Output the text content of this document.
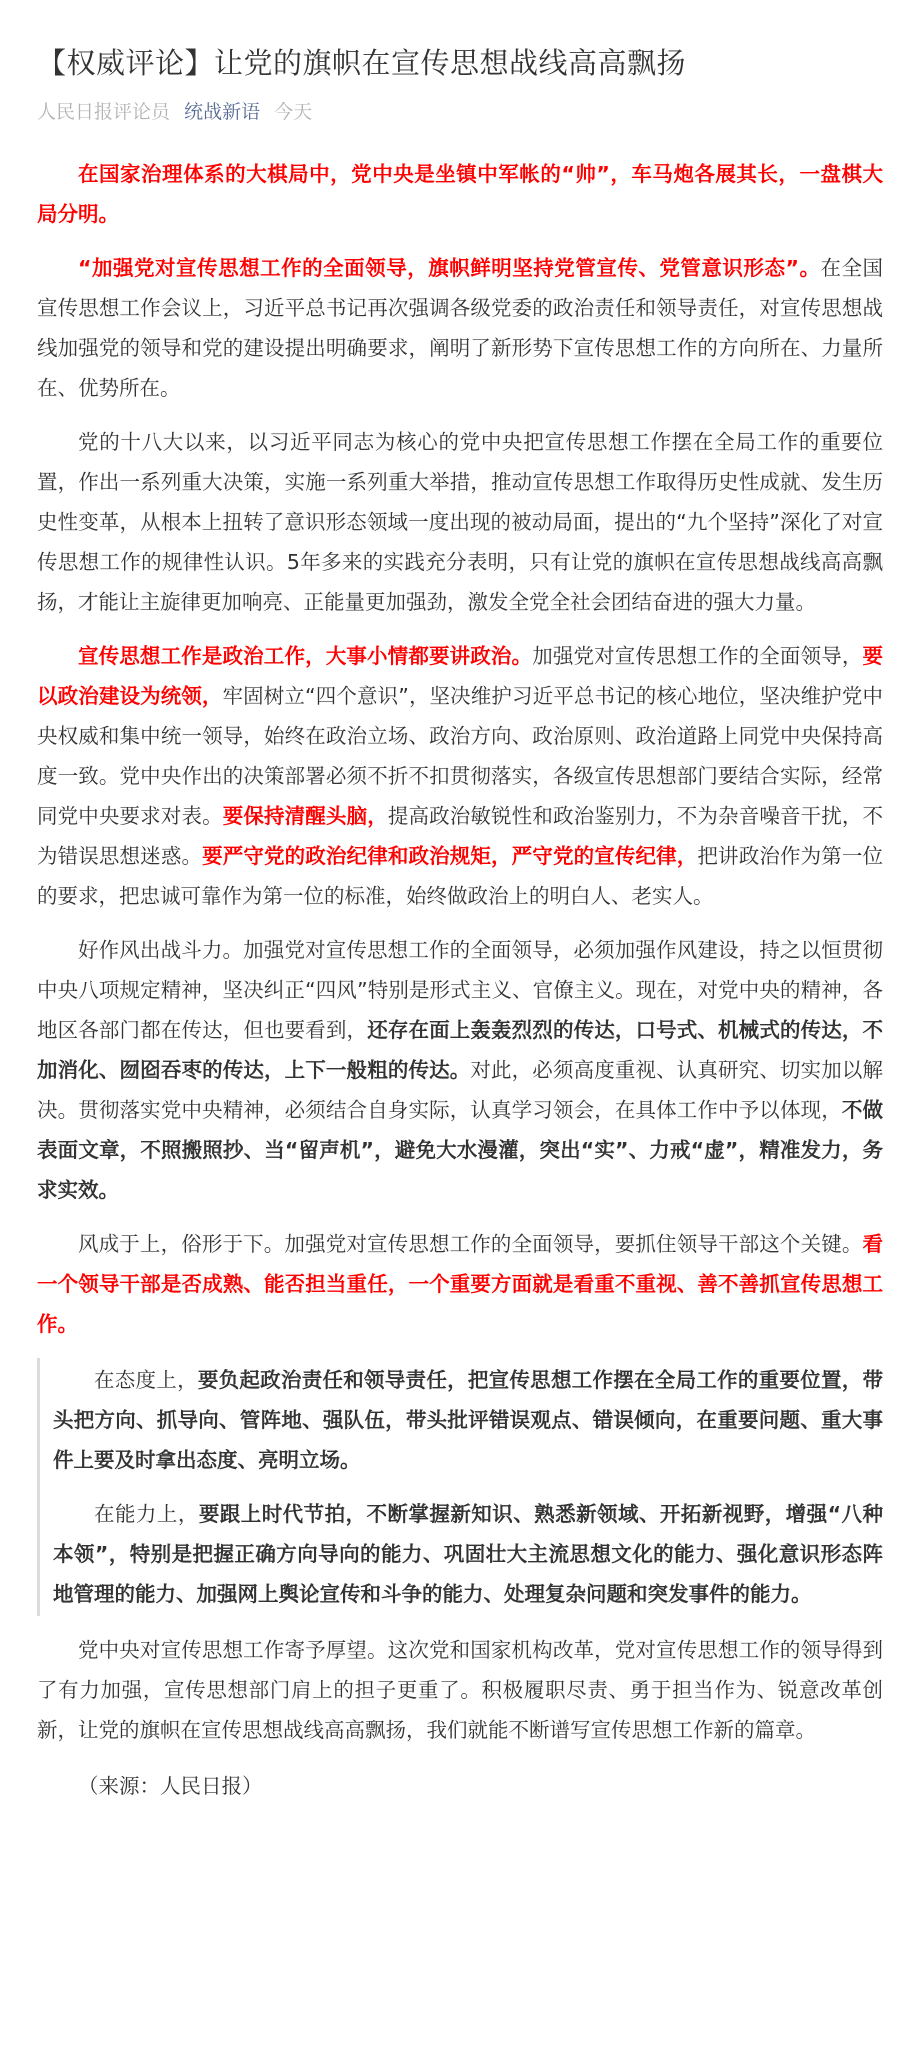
【权威评论】让党的旗帜在宣传思想战线高高飘扬
人民日报评论员 统战新语 今天

在国家治理体系的大棋局中，党中央是坐镇中军帐的“帅”，车马炮各展其长，一盘棋大局分明。

“加强党对宣传思想工作的全面领导，旗帜鲜明坚持党管宣传、党管意识形态”。在全国宣传思想工作会议上，习近平总书记再次强调各级党委的政治责任和领导责任，对宣传思想战线加强党的领导和党的建设提出明确要求，阐明了新形势下宣传思想工作的方向所在、力量所在、优势所在。

党的十八大以来，以习近平同志为核心的党中央把宣传思想工作摆在全局工作的重要位置，作出一系列重大决策，实施一系列重大举措，推动宣传思想工作取得历史性成就、发生历史性变革，从根本上扭转了意识形态领域一度出现的被动局面，提出的“九个坚持”深化了对宣传思想工作的规律性认识。5年多来的实践充分表明，只有让党的旗帜在宣传思想战线高高飘扬，才能让主旋律更加响亮、正能量更加强劲，激发全党全社会团结奋进的强大力量。

宣传思想工作是政治工作，大事小情都要讲政治。加强党对宣传思想工作的全面领导，要以政治建设为统领，牢固树立“四个意识”，坚决维护习近平总书记的核心地位，坚决维护党中央权威和集中统一领导，始终在政治立场、政治方向、政治原则、政治道路上同党中央保持高度一致。党中央作出的决策部署必须不折不扣贯彻落实，各级宣传思想部门要结合实际，经常同党中央要求对表。要保持清醒头脑，提高政治敏锐性和政治鉴别力，不为杂音噪音干扰，不为错误思想迷惑。要严守党的政治纪律和政治规矩，严守党的宣传纪律，把讲政治作为第一位的要求，把忠诚可靠作为第一位的标准，始终做政治上的明白人、老实人。

好作风出战斗力。加强党对宣传思想工作的全面领导，必须加强作风建设，持之以恒贯彻中央八项规定精神，坚决纠正“四风”特别是形式主义、官僚主义。现在，对党中央的精神，各地区各部门都在传达，但也要看到，还存在面上轰轰烈烈的传达，口号式、机械式的传达，不加消化、囫囵吞枣的传达，上下一般粗的传达。对此，必须高度重视、认真研究、切实加以解决。贯彻落实党中央精神，必须结合自身实际，认真学习领会，在具体工作中予以体现，不做表面文章，不照搬照抄、当“留声机”，避免大水漫灌，突出“实”、力戒“虚”，精准发力，务求实效。

风成于上，俗形于下。加强党对宣传思想工作的全面领导，要抓住领导干部这个关键。看一个领导干部是否成熟、能否担当重任，一个重要方面就是看重不重视、善不善抓宣传思想工作。

在态度上，要负起政治责任和领导责任，把宣传思想工作摆在全局工作的重要位置，带头把方向、抓导向、管阵地、强队伍，带头批评错误观点、错误倾向，在重要问题、重大事件上要及时拿出态度、亮明立场。

在能力上，要跟上时代节拍，不断掌握新知识、熟悉新领域、开拓新视野，增强“八种本领”，特别是把握正确方向导向的能力、巩固壮大主流思想文化的能力、强化意识形态阵地管理的能力、加强网上舆论宣传和斗争的能力、处理复杂问题和突发事件的能力。

党中央对宣传思想工作寄予厚望。这次党和国家机构改革，党对宣传思想工作的领导得到了有力加强，宣传思想部门肩上的担子更重了。积极履职尽责、勇于担当作为、锐意改革创新，让党的旗帜在宣传思想战线高高飘扬，我们就能不断谱写宣传思想工作新的篇章。

（来源：人民日报）
